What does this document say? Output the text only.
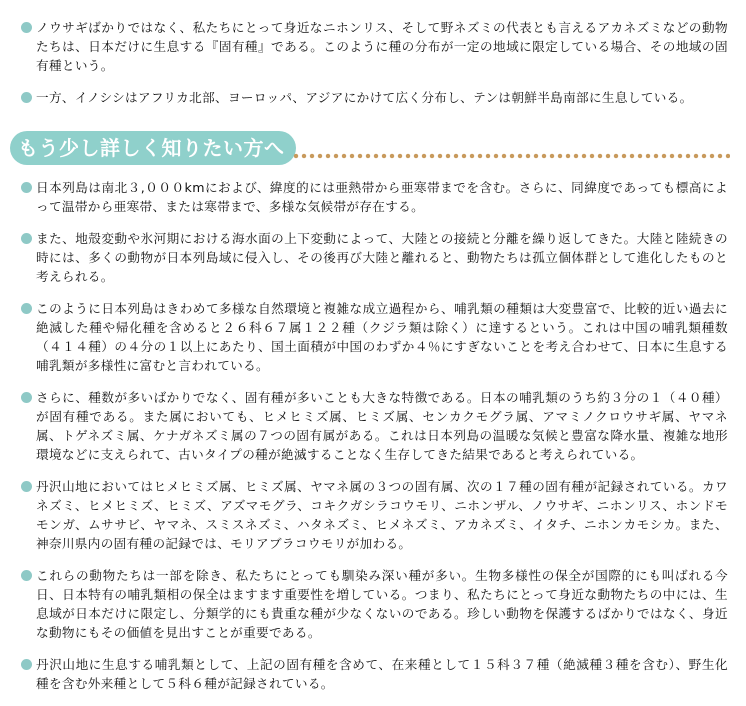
ノウサギばかりではなく、私たちにとって身近なニホンリス、そして野ネズミの代表とも言えるアカネズミなどの動物たちは、日本だけに生息する『固有種』である。このように種の分布が一定の地域に限定している場合、その地域の固有種という。
一方、イノシシはアフリカ北部、ヨーロッパ、アジアにかけて広く分布し、テンは朝鮮半島南部に生息している。
もう少し詳しく知りたい方へ
日本列島は南北３,０００kmにおよび、緯度的には亜熱帯から亜寒帯までを含む。さらに、同緯度であっても標高によって温帯から亜寒帯、または寒帯まで、多様な気候帯が存在する。
また、地殻変動や氷河期における海水面の上下変動によって、大陸との接続と分離を繰り返してきた。大陸と陸続きの時には、多くの動物が日本列島域に侵入し、その後再び大陸と離れると、動物たちは孤立個体群として進化したものと考えられる。
このように日本列島はきわめて多様な自然環境と複雑な成立過程から、哺乳類の種類は大変豊富で、比較的近い過去に絶滅した種や帰化種を含めると２６科６７属１２２種（クジラ類は除く）に達するという。これは中国の哺乳類種数（４１４種）の４分の１以上にあたり、国土面積が中国のわずか４％にすぎないことを考え合わせて、日本に生息する哺乳類が多様性に富むと言われている。
さらに、種数が多いばかりでなく、固有種が多いことも大きな特徴である。日本の哺乳類のうち約３分の１（４０種）が固有種である。また属においても、ヒメヒミズ属、ヒミズ属、センカクモグラ属、アマミノクロウサギ属、ヤマネ属、トゲネズミ属、ケナガネズミ属の７つの固有属がある。これは日本列島の温暖な気候と豊富な降水量、複雑な地形環境などに支えられて、古いタイプの種が絶滅することなく生存してきた結果であると考えられている。
丹沢山地においてはヒメヒミズ属、ヒミズ属、ヤマネ属の３つの固有属、次の１７種の固有種が記録されている。カワネズミ、ヒメヒミズ、ヒミズ、アズマモグラ、コキクガシラコウモリ、ニホンザル、ノウサギ、ニホンリス、ホンドモモンガ、ムササビ、ヤマネ、スミスネズミ、ハタネズミ、ヒメネズミ、アカネズミ、イタチ、ニホンカモシカ。また、神奈川県内の固有種の記録では、モリアブラコウモリが加わる。
これらの動物たちは一部を除き、私たちにとっても馴染み深い種が多い。生物多様性の保全が国際的にも叫ばれる今日、日本特有の哺乳類相の保全はますます重要性を増している。つまり、私たちにとって身近な動物たちの中には、生息域が日本だけに限定し、分類学的にも貴重な種が少なくないのである。珍しい動物を保護するばかりではなく、身近な動物にもその価値を見出すことが重要である。
丹沢山地に生息する哺乳類として、上記の固有種を含めて、在来種として１５科３７種（絶滅種３種を含む）、野生化種を含む外来種として５科６種が記録されている。
